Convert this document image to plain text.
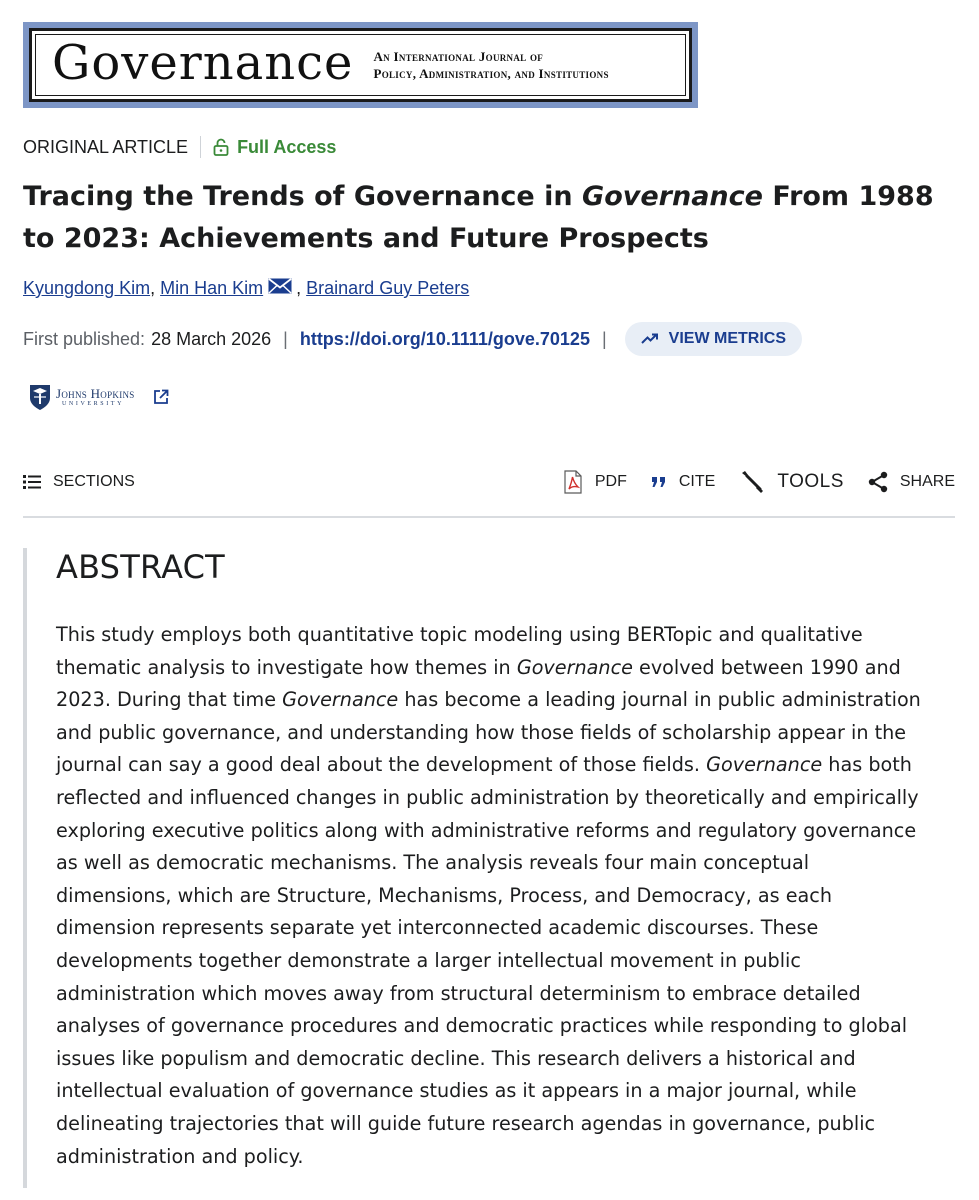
Governance An International Journal of
Policy, Administration, and Institutions
ORIGINAL ARTICLE	Full Access
Tracing the Trends of Governance in Governance From 1988 to 2023: Achievements and Future Prospects
Kyungdong Kim , Min Han Kim , Brainard Guy Peters
First published: 28 March 2026 | https://doi.org/10.1111/gove.70125 |	VIEW METRICS
Johns Hopkins
UNIVERSITY
SECTIONS	PDF	CITE	TOOLS	SHARE
ABSTRACT

This study employs both quantitative topic modeling using BERTopic and qualitative
thematic analysis to investigate how themes in Governance evolved between 1990 and
2023. During that time Governance has become a leading journal in public administration
and public governance, and understanding how those fields of scholarship appear in the
journal can say a good deal about the development of those fields. Governance has both
reflected and influenced changes in public administration by theoretically and empirically
exploring executive politics along with administrative reforms and regulatory governance
as well as democratic mechanisms. The analysis reveals four main conceptual
dimensions, which are Structure, Mechanisms, Process, and Democracy, as each
dimension represents separate yet interconnected academic discourses. These
developments together demonstrate a larger intellectual movement in public
administration which moves away from structural determinism to embrace detailed
analyses of governance procedures and democratic practices while responding to global
issues like populism and democratic decline. This research delivers a historical and
intellectual evaluation of governance studies as it appears in a major journal, while
delineating trajectories that will guide future research agendas in governance, public
administration and policy.
